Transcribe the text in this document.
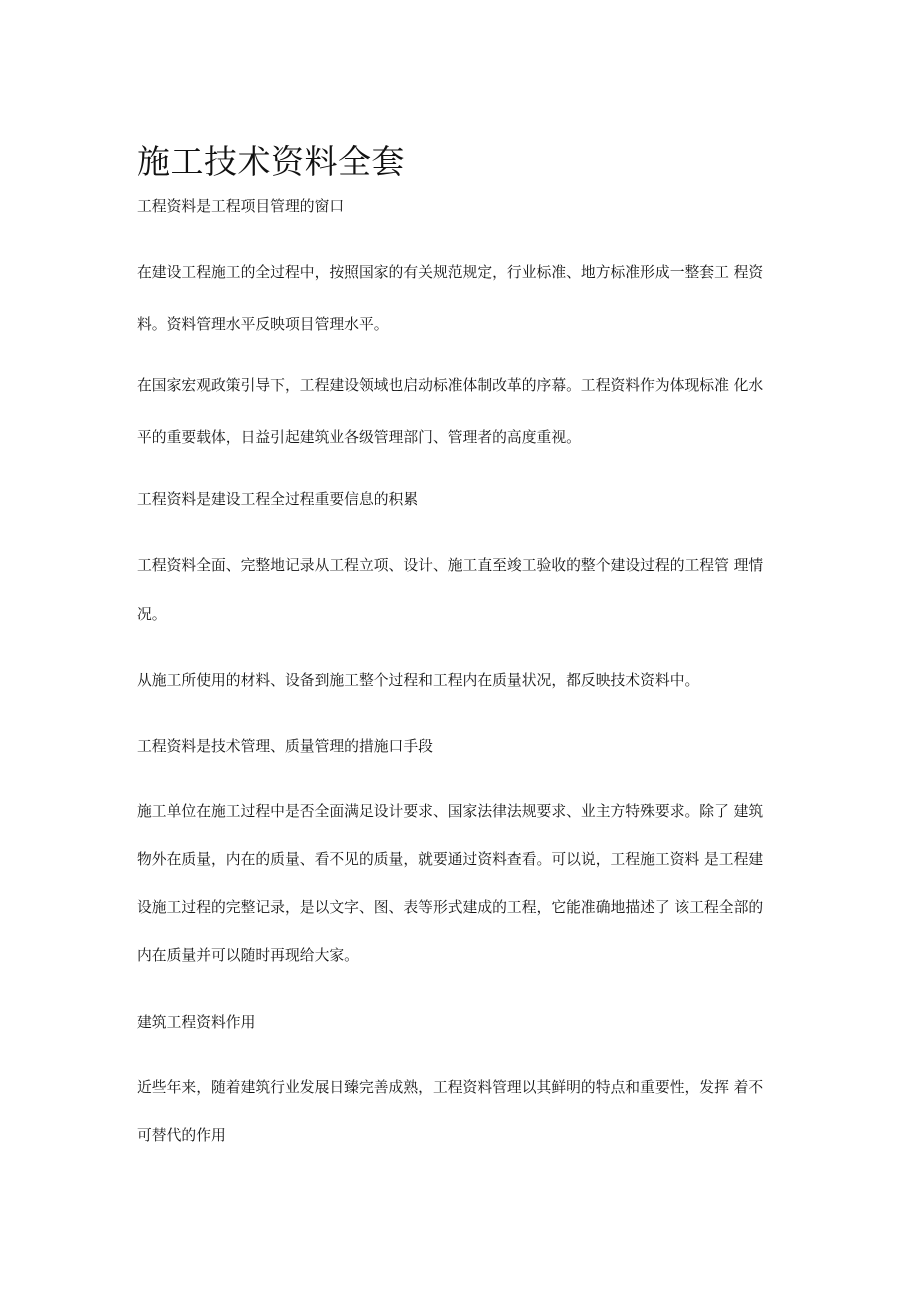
施工技术资料全套
工程资料是工程项目管理的窗口
在建设工程施工的全过程中，按照国家的有关规范规定，行业标准、地方标准形成一整套工 程资
料。资料管理水平反映项目管理水平。
在国家宏观政策引导下，工程建设领域也启动标准体制改革的序幕。工程资料作为体现标准 化水
平的重要载体，日益引起建筑业各级管理部门、管理者的高度重视。
工程资料是建设工程全过程重要信息的积累
工程资料全面、完整地记录从工程立项、设计、施工直至竣工验收的整个建设过程的工程管 理情
况。
从施工所使用的材料、设备到施工整个过程和工程内在质量状况，都反映技术资料中。
工程资料是技术管理、质量管理的措施口手段
施工单位在施工过程中是否全面满足设计要求、国家法律法规要求、业主方特殊要求。除了 建筑
物外在质量，内在的质量、看不见的质量，就要通过资料查看。可以说，工程施工资料 是工程建
设施工过程的完整记录，是以文字、图、表等形式建成的工程，它能准确地描述了 该工程全部的
内在质量并可以随时再现给大家。
建筑工程资料作用
近些年来，随着建筑行业发展日臻完善成熟，工程资料管理以其鲜明的特点和重要性，发挥 着不
可替代的作用
